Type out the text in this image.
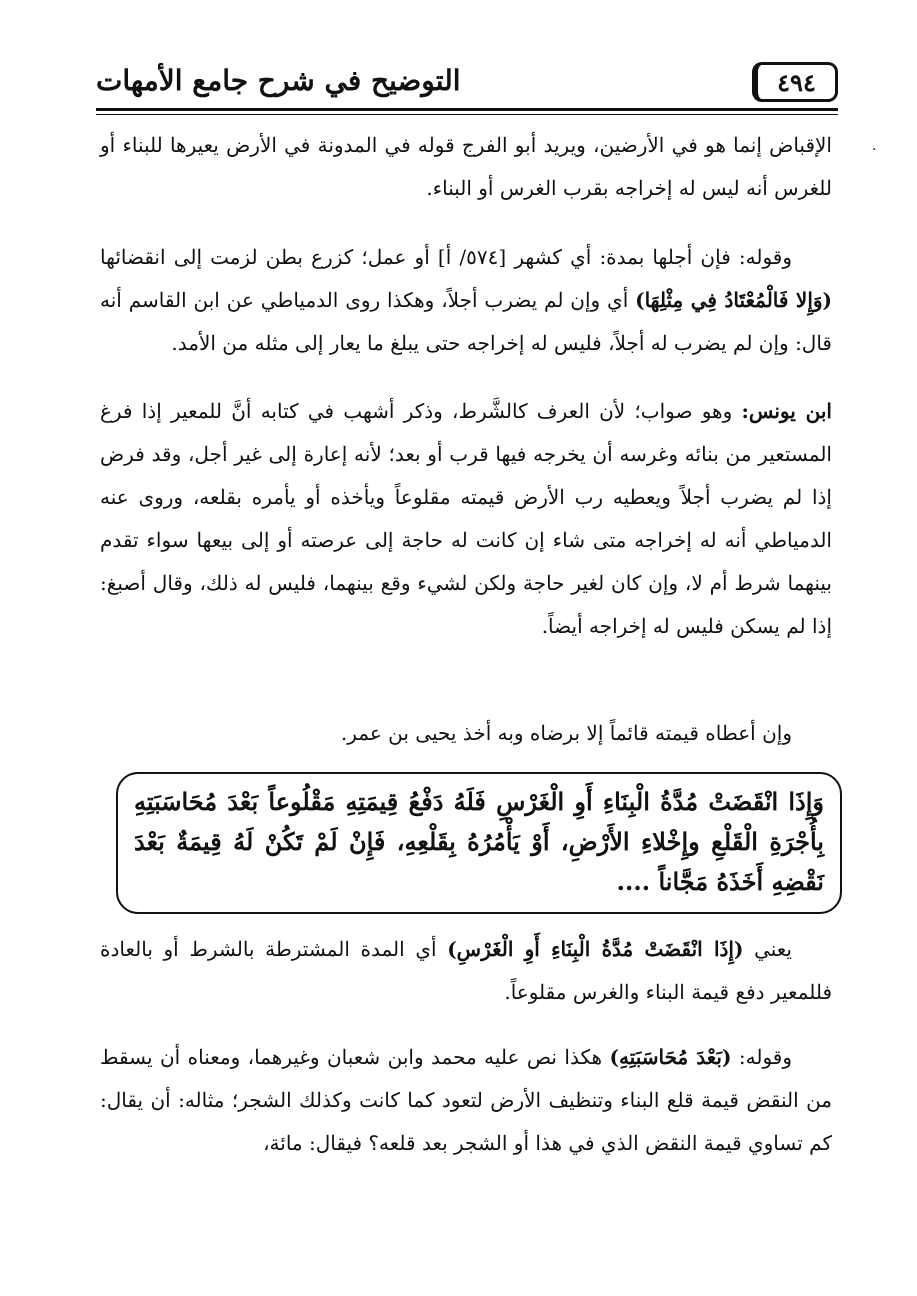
التوضيح في شرح جامع الأمهات	٤٩٤
·

الإقباض إنما هو في الأرضين، ويريد أبو الفرج قوله في المدونة في الأرض يعيرها للبناء أو للغرس أنه ليس له إخراجه بقرب الغرس أو البناء.

وقوله: فإن أجلها بمدة: أي كشهر [٥٧٤/ أ] أو عمل؛ كزرع بطن لزمت إلى انقضائها (وَإِلا فَالْمُعْتَادُ فِي مِثْلِهَا) أي وإن لم يضرب أجلاً، وهكذا روى الدمياطي عن ابن القاسم أنه قال: وإن لم يضرب له أجلاً، فليس له إخراجه حتى يبلغ ما يعار إلى مثله من الأمد.

ابن يونس: وهو صواب؛ لأن العرف كالشَّرط، وذكر أشهب في كتابه أنَّ للمعير إذا فرغ المستعير من بنائه وغرسه أن يخرجه فيها قرب أو بعد؛ لأنه إعارة إلى غير أجل، وقد فرض إذا لم يضرب أجلاً ويعطيه رب الأرض قيمته مقلوعاً ويأخذه أو يأمره بقلعه، وروى عنه الدمياطي أنه له إخراجه متى شاء إن كانت له حاجة إلى عرصته أو إلى بيعها سواء تقدم بينهما شرط أم لا، وإن كان لغير حاجة ولكن لشيء وقع بينهما، فليس له ذلك، وقال أصبغ: إذا لم يسكن فليس له إخراجه أيضاً.

وإن أعطاه قيمته قائماً إلا برضاه وبه أخذ يحيى بن عمر.

وَإِذَا انْقَضَتْ مُدَّةُ الْبِنَاءِ أَوِ الْغَرْسِ فَلَهُ دَفْعُ قِيمَتِهِ مَقْلُوعاً بَعْدَ مُحَاسَبَتِهِ بِأُجْرَةِ الْقَلْعِ وإِخْلاءِ الأَرْضِ، أَوْ يَأْمُرُهُ بِقَلْعِهِ، فَإِنْ لَمْ تَكُنْ لَهُ قِيمَةٌ بَعْدَ نَقْضِهِ أَخَذَهُ مَجَّاناً ....

يعني (إِذَا انْقَضَتْ مُدَّةُ الْبِنَاءِ أَوِ الْغَرْسِ) أي المدة المشترطة بالشرط أو بالعادة فللمعير دفع قيمة البناء والغرس مقلوعاً.

وقوله: (بَعْدَ مُحَاسَبَتِهِ) هكذا نص عليه محمد وابن شعبان وغيرهما، ومعناه أن يسقط من النقض قيمة قلع البناء وتنظيف الأرض لتعود كما كانت وكذلك الشجر؛ مثاله: أن يقال: كم تساوي قيمة النقض الذي في هذا أو الشجر بعد قلعه؟ فيقال: مائة،
